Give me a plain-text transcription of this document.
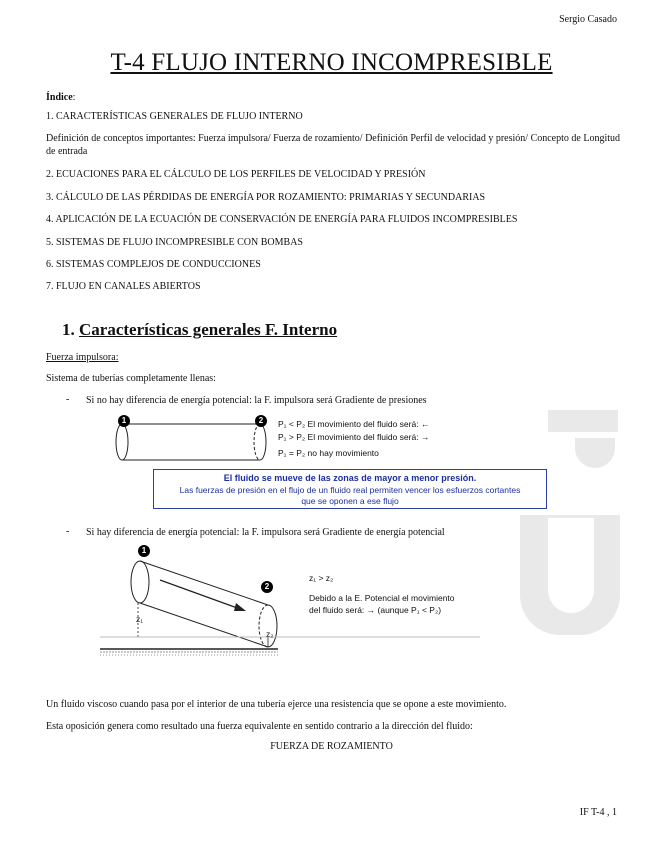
Sergio Casado
T-4 FLUJO INTERNO INCOMPRESIBLE
Índice:
1. CARACTERÍSTICAS GENERALES DE FLUJO INTERNO
Definición de conceptos importantes: Fuerza impulsora/ Fuerza de rozamiento/ Definición Perfil de velocidad y presión/ Concepto de Longitud de entrada
2. ECUACIONES PARA EL CÁLCULO DE LOS PERFILES DE VELOCIDAD Y PRESIÓN
3. CÁLCULO DE LAS PÉRDIDAS DE ENERGÍA POR ROZAMIENTO: PRIMARIAS Y SECUNDARIAS
4. APLICACIÓN DE LA ECUACIÓN DE CONSERVACIÓN DE ENERGÍA PARA FLUIDOS INCOMPRESIBLES
5. SISTEMAS DE FLUJO INCOMPRESIBLE CON BOMBAS
6. SISTEMAS COMPLEJOS DE CONDUCCIONES
7. FLUJO EN CANALES ABIERTOS
1. Características generales F. Interno
Fuerza impulsora:
Sistema de tuberías completamente llenas:
- Si no hay diferencia de energía potencial: la F. impulsora será Gradiente de presiones
1	2	P₁ < P₂ El movimiento del fluido será: ←
P₁ > P₂ El movimiento del fluido será: →
P₁ = P₂ no hay movimiento
El fluido se mueve de las zonas de mayor a menor presión.
Las fuerzas de presión en el flujo de un fluido real permiten vencer los esfuerzos cortantes
que se oponen a ese flujo
- Si hay diferencia de energía potencial: la F. impulsora será Gradiente de energía potencial
1
2
z₁
z₂
z₁ > z₂
Debido a la E. Potencial el movimiento
del fluido será: → (aunque P₁ < P₂)
Un fluido viscoso cuando pasa por el interior de una tubería ejerce una resistencia que se opone a este movimiento.
Esta oposición genera como resultado una fuerza equivalente en sentido contrario a la dirección del fluido:
FUERZA DE ROZAMIENTO
IF T-4 , 1
